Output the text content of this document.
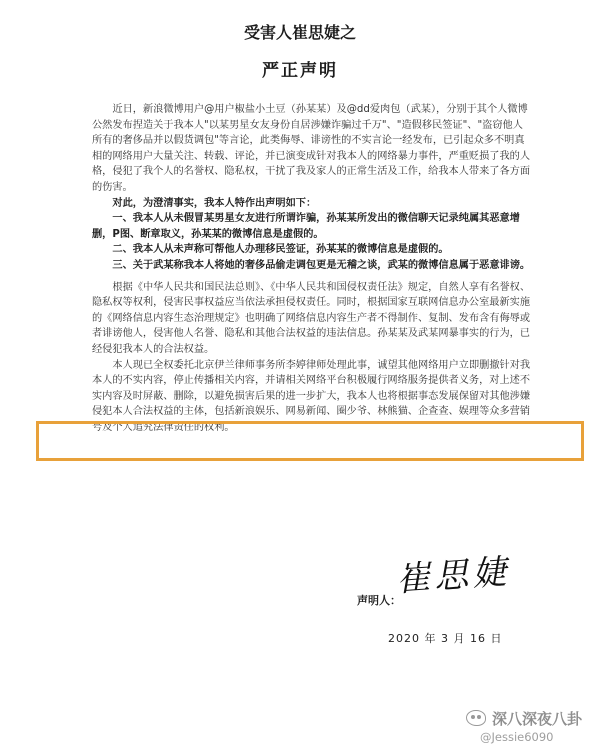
受害人崔思婕之
严正声明

近日，新浪微博用户@用户椒盐小土豆（孙某某）及@dd爱肉包（武某），分别于其个人微博公然发布捏造关于我本人"以某男星女友身份自居涉嫌诈骗过千万"、"造假移民签证"、"盗窃他人所有的奢侈品并以假货调包"等言论，此类侮辱、诽谤性的不实言论一经发布，已引起众多不明真相的网络用户大量关注、转载、评论，并已演变成针对我本人的网络暴力事件，严重贬损了我的人格，侵犯了我个人的名誉权、隐私权，干扰了我及家人的正常生活及工作，给我本人带来了各方面的伤害。

对此，为澄清事实，我本人特作出声明如下：

一、我本人从未假冒某男星女友进行所谓诈骗，孙某某所发出的微信聊天记录纯属其恶意增删，P图、断章取义，孙某某的微博信息是虚假的。

二、我本人从未声称可帮他人办理移民签证，孙某某的微博信息是虚假的。

三、关于武某称我本人将她的奢侈品偷走调包更是无稽之谈，武某的微博信息属于恶意诽谤。

根据《中华人民共和国民法总则》、《中华人民共和国侵权责任法》规定，自然人享有名誉权、隐私权等权利，侵害民事权益应当依法承担侵权责任。同时，根据国家互联网信息办公室最新实施的《网络信息内容生态治理规定》也明确了网络信息内容生产者不得制作、复制、发布含有侮辱或者诽谤他人，侵害他人名誉、隐私和其他合法权益的违法信息。孙某某及武某网暴事实的行为，已经侵犯我本人的合法权益。

本人现已全权委托北京伊兰律师事务所李婷律师处理此事，诚望其他网络用户立即删撤针对我本人的不实内容，停止传播相关内容，并请相关网络平台积极履行网络服务提供者义务，对上述不实内容及时屏蔽、删除，以避免损害后果的进一步扩大，我本人也将根据事态发展保留对其他涉嫌侵犯本人合法权益的主体，包括新浪娱乐、网易新闻、圈少爷、林熊猫、企查查、娱理等众多营销号及个人追究法律责任的权利。

崔思婕
声明人：
2020 年 3 月 16 日
深八深夜八卦
@Jessie6090
